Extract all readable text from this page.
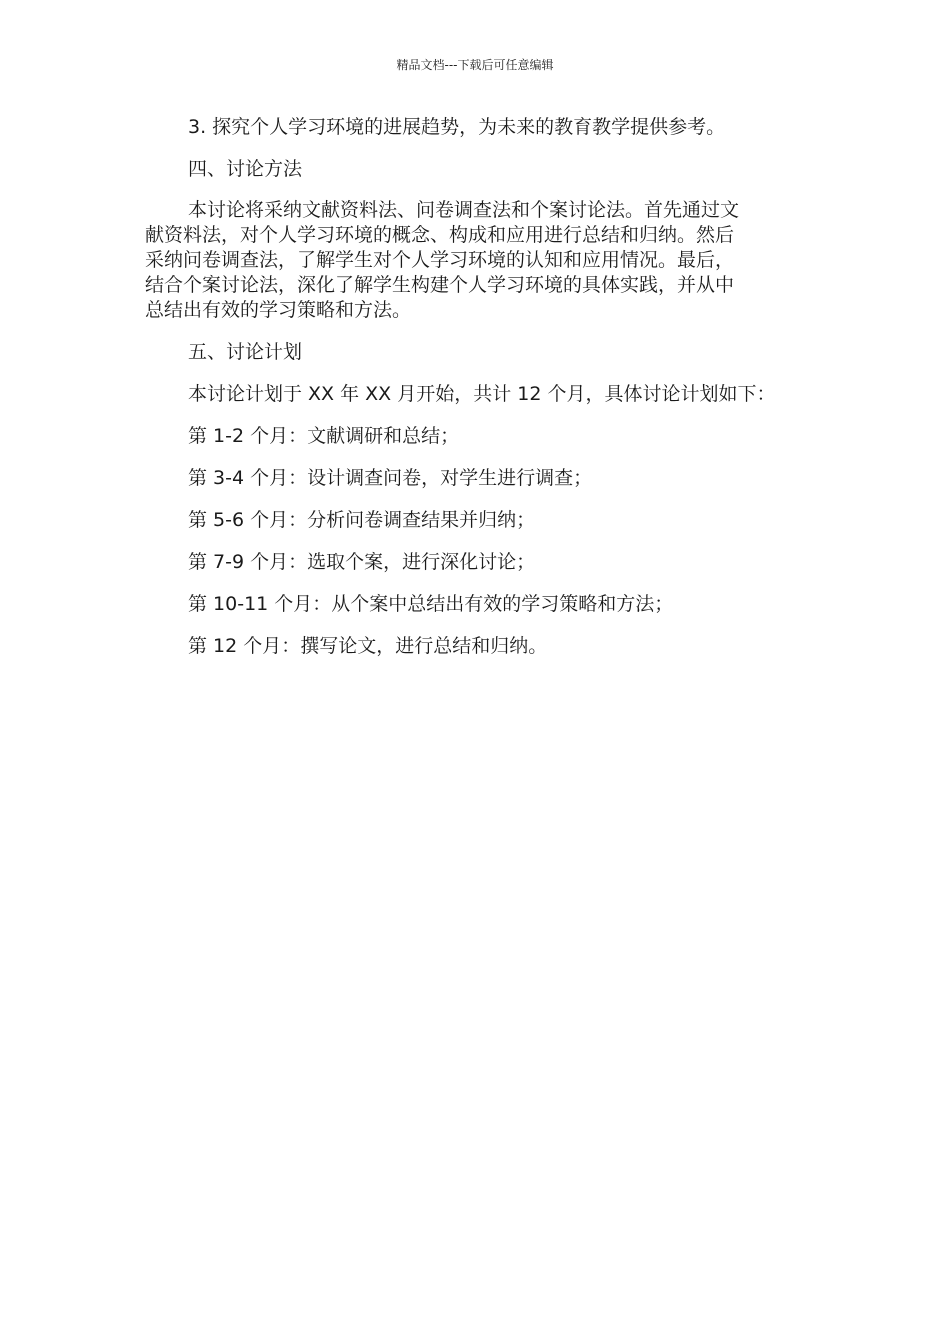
精品文档---下载后可任意编辑

3. 探究个人学习环境的进展趋势，为未来的教育教学提供参考。

四、讨论方法

本讨论将采纳文献资料法、问卷调查法和个案讨论法。首先通过文
献资料法，对个人学习环境的概念、构成和应用进行总结和归纳。然后
采纳问卷调查法，了解学生对个人学习环境的认知和应用情况。最后，
结合个案讨论法，深化了解学生构建个人学习环境的具体实践，并从中
总结出有效的学习策略和方法。

五、讨论计划

本讨论计划于 XX 年 XX 月开始，共计 12 个月，具体讨论计划如下：

第 1-2 个月：文献调研和总结；

第 3-4 个月：设计调查问卷，对学生进行调查；

第 5-6 个月：分析问卷调查结果并归纳；

第 7-9 个月：选取个案，进行深化讨论；

第 10-11 个月：从个案中总结出有效的学习策略和方法；

第 12 个月：撰写论文，进行总结和归纳。
